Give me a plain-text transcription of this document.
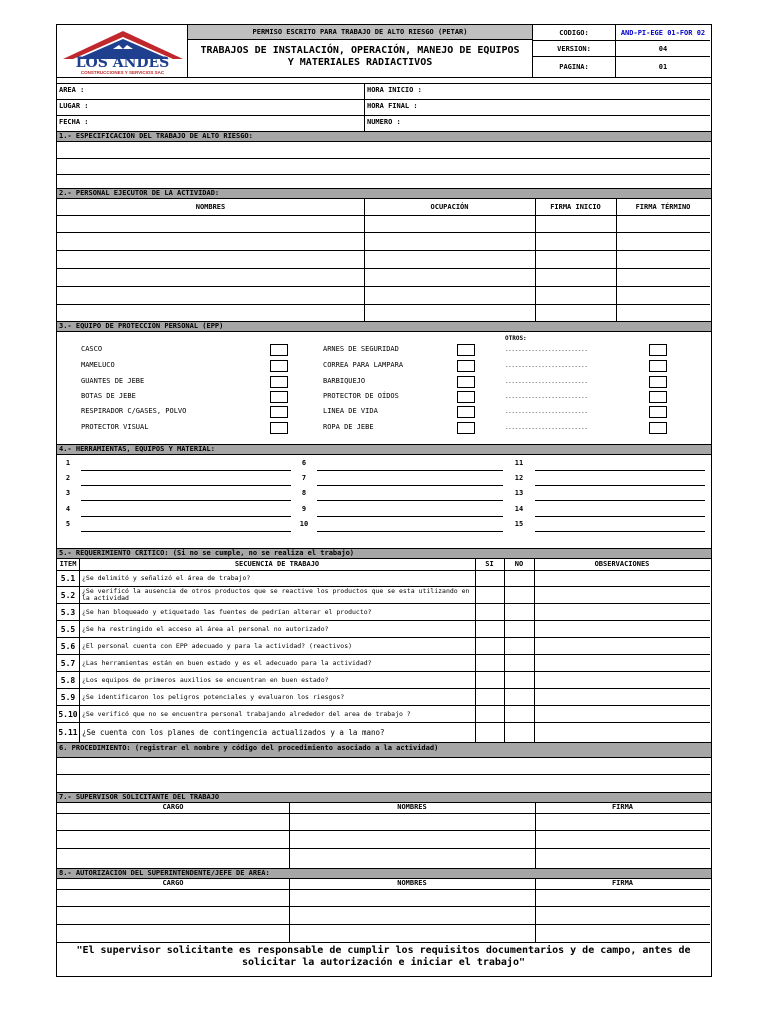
LOS ANDES
CONSTRUCCIONES Y SERVICIOS SAC
PERMISO ESCRITO PARA TRABAJO DE ALTO RIESGO (PETAR)
TRABAJOS DE INSTALACIÓN, OPERACIÓN, MANEJO DE EQUIPOS
Y MATERIALES RADIACTIVOS
CODIGO:	AND-PI-EGE 01-FOR 02
VERSION:	04
PAGINA:	01
AREA :	HORA INICIO :
LUGAR :	HORA FINAL :
FECHA :	NUMERO :
1.- ESPECIFICACIÓN DEL TRABAJO DE ALTO RIESGO:
2.- PERSONAL EJECUTOR DE LA ACTIVIDAD:
NOMBRES	OCUPACIÓN	FIRMA INICIO	FIRMA TÉRMINO
3.- EQUIPO DE PROTECCIÓN PERSONAL (EPP)
OTROS:
CASCO
MAMELUCO
GUANTES DE JEBE
BOTAS DE JEBE
RESPIRADOR C/GASES, POLVO
PROTECTOR VISUAL
ARNES DE SEGURIDAD
CORREA PARA LAMPARA
BARBIQUEJO
PROTECTOR DE OÍDOS
LINEA DE VIDA
ROPA DE JEBE
-------------------------
-------------------------
-------------------------
-------------------------
-------------------------
-------------------------
4.- HERRAMIENTAS, EQUIPOS Y MATERIAL:
1
2
3
4
5
6
7
8
9
10
11
12
13
14
15
5.- REQUERIMIENTO CRITICO: (Si no se cumple, no se realiza el trabajo)
ITEM	SECUENCIA DE TRABAJO	SI	NO	OBSERVACIONES
5.1	¿Se delimitó y señalizó el área de trabajo?
5.2	¿Se verificó la ausencia de otros productos que se reactive los productos que se esta utilizando en la actividad
5.3	¿Se han bloqueado y etiquetado las fuentes de pedrían alterar el producto?
5.5	¿Se ha restringido el acceso al área al personal no autorizado?
5.6	¿El personal cuenta con EPP adecuado y para la actividad? (reactivos)
5.7	¿Las herramientas están en buen estado y es el adecuado para la actividad?
5.8	¿Los equipos de primeros auxilios se encuentran en buen estado?
5.9	¿Se identificaron los peligros potenciales y evaluaron los riesgos?
5.10 ¿Se verificó que no se encuentra personal trabajando alrededor del area de trabajo ?
5.11 ¿Se cuenta con los planes de contingencia actualizados y a la mano?
6. PROCEDIMIENTO: (registrar el nombre y código del procedimiento asociado a la actividad)
7.- SUPERVISOR SOLICITANTE DEL TRABAJO
CARGO	NOMBRES	FIRMA
8.- AUTORIZACION DEL SUPERINTENDENTE/JEFE DE AREA:
CARGO	NOMBRES	FIRMA
"El supervisor solicitante es responsable de cumplir los requisitos documentarios y de campo, antes de
solicitar la autorización e iniciar el trabajo"
